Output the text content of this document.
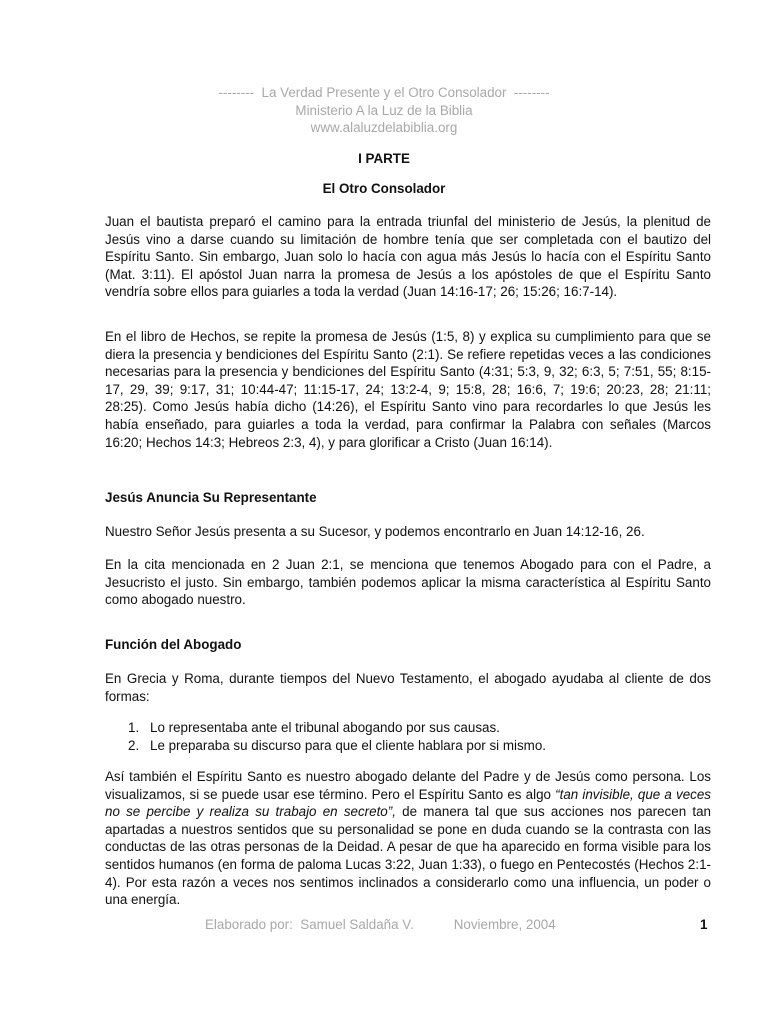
--------  La Verdad Presente y el Otro Consolador  --------
Ministerio A la Luz de la Biblia
www.alaluzdelabiblia.org
I PARTE
El Otro Consolador

Juan el bautista preparó el camino para la entrada triunfal del ministerio de Jesús, la plenitud de Jesús vino a darse cuando su limitación de hombre tenía que ser completada con el bautizo del Espíritu Santo. Sin embargo, Juan solo lo hacía con agua más Jesús lo hacía con el Espíritu Santo (Mat. 3:11). El apóstol Juan narra la promesa de Jesús a los apóstoles de que el Espíritu Santo vendría sobre ellos para guiarles a toda la verdad (Juan 14:16-17; 26; 15:26; 16:7-14).

En el libro de Hechos, se repite la promesa de Jesús (1:5, 8) y explica su cumplimiento para que se diera la presencia y bendiciones del Espíritu Santo (2:1). Se refiere repetidas veces a las condiciones necesarias para la presencia y bendiciones del Espíritu Santo (4:31; 5:3, 9, 32; 6:3, 5; 7:51, 55; 8:15-17, 29, 39; 9:17, 31; 10:44-47; 11:15-17, 24; 13:2-4, 9; 15:8, 28; 16:6, 7; 19:6; 20:23, 28; 21:11; 28:25). Como Jesús había dicho (14:26), el Espíritu Santo vino para recordarles lo que Jesús les había enseñado, para guiarles a toda la verdad, para confirmar la Palabra con señales (Marcos 16:20; Hechos 14:3; Hebreos 2:3, 4), y para glorificar a Cristo (Juan 16:14).

Jesús Anuncia Su Representante

Nuestro Señor Jesús presenta a su Sucesor, y podemos encontrarlo en Juan 14:12-16, 26.

En la cita mencionada en 2 Juan 2:1, se menciona que tenemos Abogado para con el Padre, a Jesucristo el justo. Sin embargo, también podemos aplicar la misma característica al Espíritu Santo como abogado nuestro.

Función del Abogado

En Grecia y Roma, durante tiempos del Nuevo Testamento, el abogado ayudaba al cliente de dos formas:

1. Lo representaba ante el tribunal abogando por sus causas.
2. Le preparaba su discurso para que el cliente hablara por si mismo.

Así también el Espíritu Santo es nuestro abogado delante del Padre y de Jesús como persona. Los visualizamos, si se puede usar ese término. Pero el Espíritu Santo es algo “tan invisible, que a veces no se percibe y realiza su trabajo en secreto”, de manera tal que sus acciones nos parecen tan apartadas a nuestros sentidos que su personalidad se pone en duda cuando se la contrasta con las conductas de las otras personas de la Deidad. A pesar de que ha aparecido en forma visible para los sentidos humanos (en forma de paloma Lucas 3:22, Juan 1:33), o fuego en Pentecostés (Hechos 2:1-4). Por esta razón a veces nos sentimos inclinados a considerarlo como una influencia, un poder o una energía.

Elaborado por:  Samuel Saldaña V.	Noviembre, 2004	1
